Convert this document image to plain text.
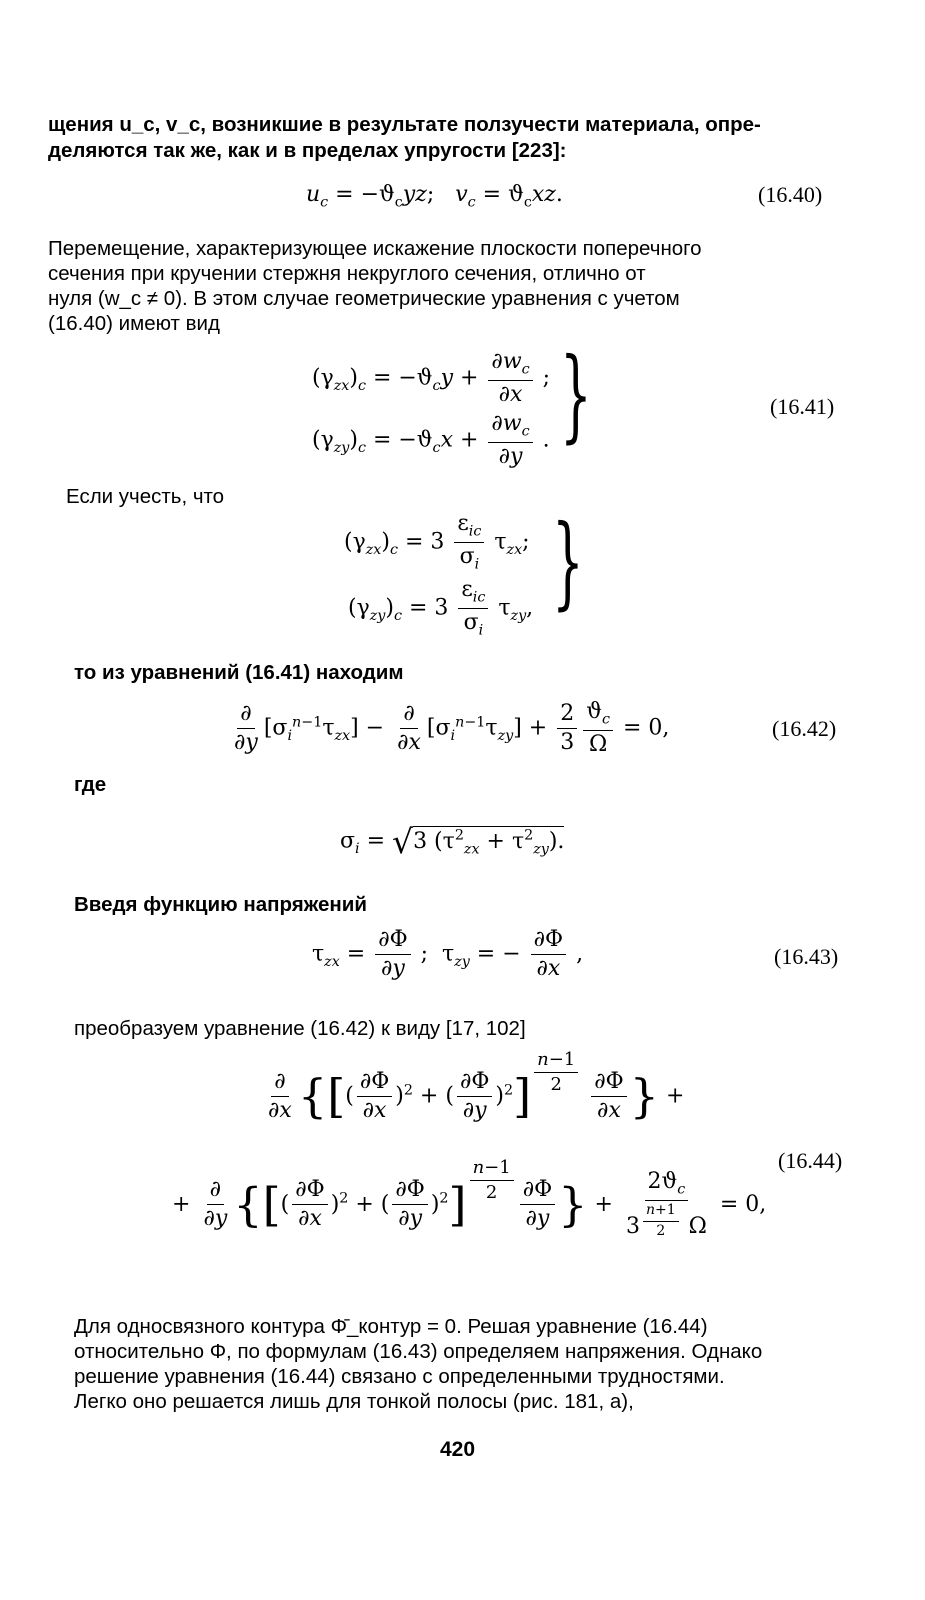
щения u_c, v_c, возникшие в результате ползучести материала, опре-
деляются так же, как и в пределах упругости [223]:
$u_c = -ϑ_cyz$;   $v_c = ϑ_cxz$.	(16.40)
Перемещение, характеризующее искажение плоскости поперечного
сечения при кручении стержня некруглого сечения, отлично от
нуля (w_c ≠ 0). В этом случае геометрические уравнения с учетом
(16.40) имеют вид
$(\gamma_{zx})_c = -ϑ_cy + \frac{\partial w_c}{\partial x}$ ;
$(\gamma_{zy})_c = -ϑ_cx + \frac{\partial w_c}{\partial y}$ . }	(16.41)
Если учесть, что
$(\gamma_{zx})_c = 3 \frac{\varepsilon_{ic}}{\sigma_i} \tau_{zx}$;
$(\gamma_{zy})_c = 3 \frac{\varepsilon_{ic}}{\sigma_i} \tau_{zy}$, }
то из уравнений (16.41) находим
$\frac{\partial}{\partial y} [\sigma_i^{n-1}\tau_{zx}] - \frac{\partial}{\partial x} [\sigma_i^{n-1}\tau_{zy}] + \frac{2}{3} \frac{ϑ_c}{\Omega} = 0$,	(16.42)
где
$\sigma_i = √3$ $(\tau^2_{zx} + \tau^2_{zy})$.
Введя функцию напряжений
$\tau_{zx} = \frac{\partial\Phi}{\partial y}$ ;  $\tau_{zy}$ = − $\frac{\partial\Phi}{\partial x}$ ,	(16.43)
преобразуем уравнение (16.42) к виду [17, 102]
$\frac{\partial}{\partial x}$ {[( $\frac{\partial\Phi}{\partial x} )^2$ + ( $\frac{\partial\Phi}{\partial y} )^2$] $^{\frac{n-1}{2}}$
$\frac{\partial\Phi}{\partial x}$ } +
+ $\frac{\partial}{\partial y}$ {[( $\frac{\partial\Phi}{\partial x} )^2$ + ( $\frac{\partial\Phi}{\partial y} )^2$] $^{\frac{n-1}{2}} \frac{\partial\Phi}{\partial y}$ } + $2ϑ_c$
3 $^{\frac{n+1}{2}}$ Ω = 0,
(16.44)
Для односвязного контура Φ̄_контур = 0. Решая уравнение (16.44)
относительно Φ, по формулам (16.43) определяем напряжения. Однако
решение уравнения (16.44) связано с определенными трудностями.
Легко оно решается лишь для тонкой полосы (рис. 181, а),
420
